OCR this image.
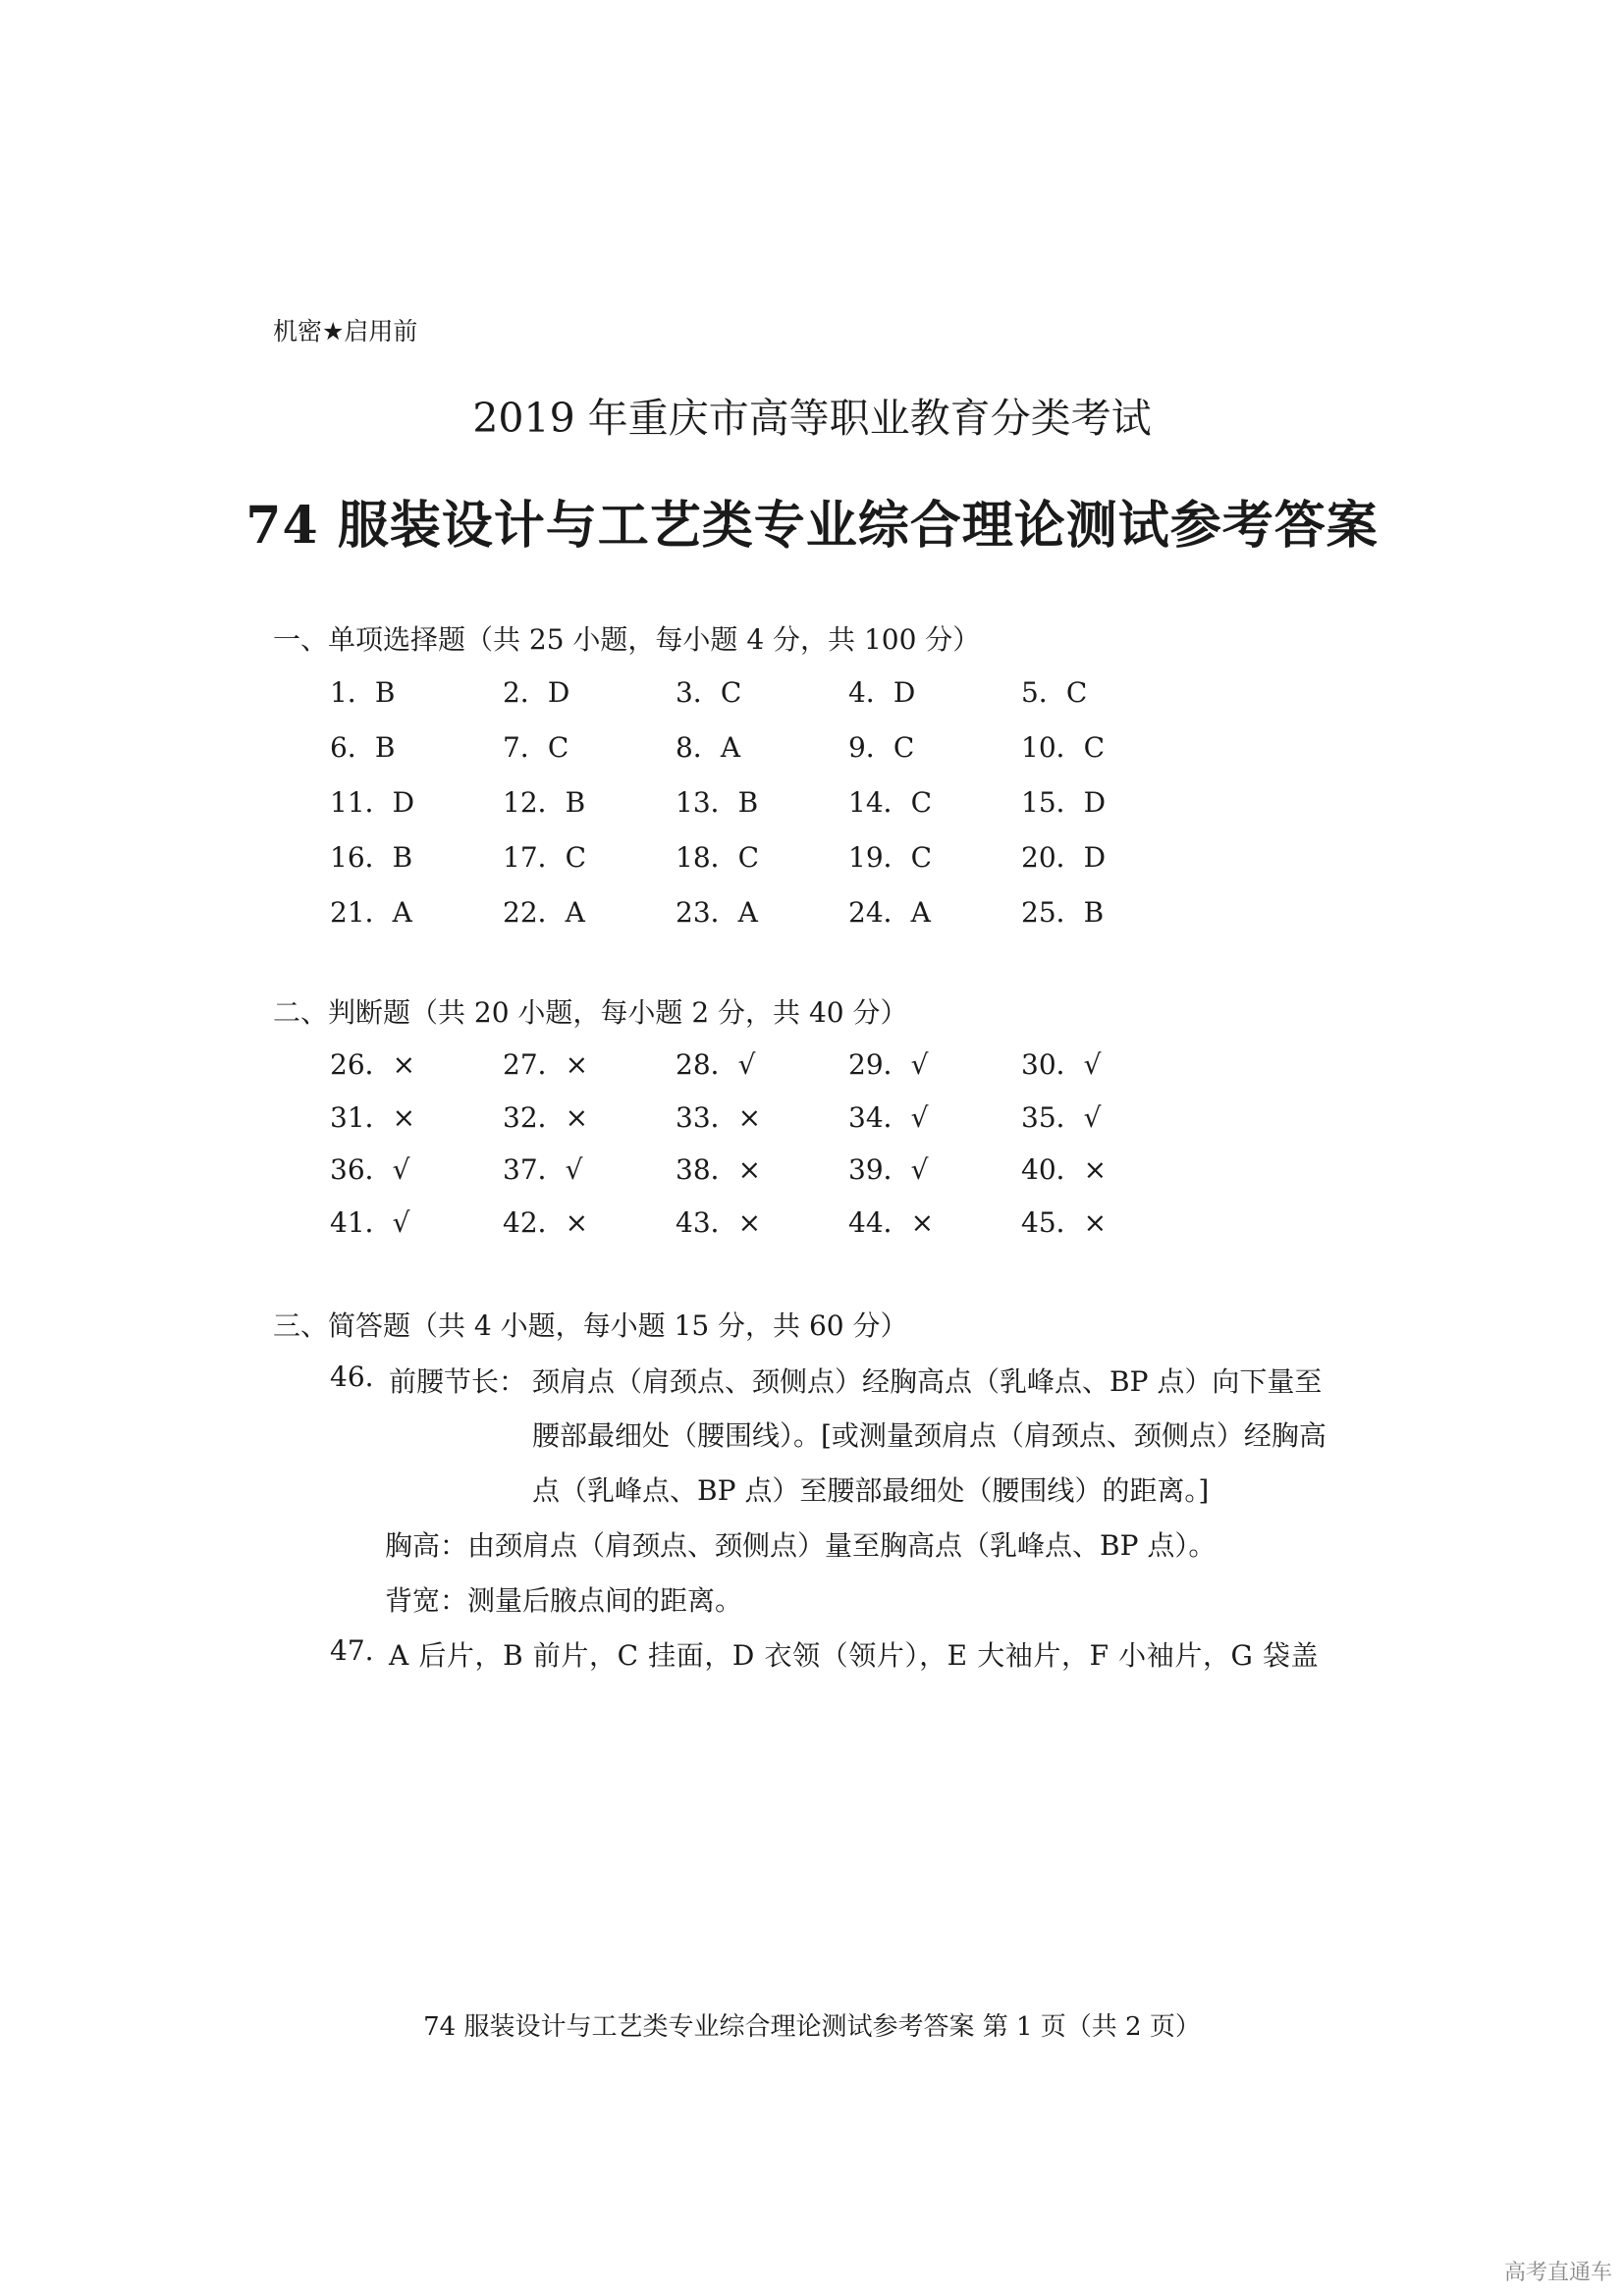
机密★启用前
2019 年重庆市高等职业教育分类考试
74 服装设计与工艺类专业综合理论测试参考答案
一、单项选择题（共 25 小题，每小题 4 分，共 100 分）
1．B	2．D	3．C	4．D	5．C
6．B	7．C	8．A	9．C	10．C
11．D	12．B	13．B	14．C	15．D
16．B	17．C	18．C	19．C	20．D
21．A	22．A	23．A	24．A	25．B
二、判断题（共 20 小题，每小题 2 分，共 40 分）
26．×	27．×	28．√	29．√	30．√
31．×	32．×	33．×	34．√	35．√
36．√	37．√	38．×	39．√	40．×
41．√	42．×	43．×	44．×	45．×
三、简答题（共 4 小题，每小题 15 分，共 60 分）
46. 前腰节长： 颈肩点（肩颈点、颈侧点）经胸高点（乳峰点、BP 点）向下量至
腰部最细处（腰围线）。[或测量颈肩点（肩颈点、颈侧点）经胸高
点（乳峰点、BP 点）至腰部最细处（腰围线）的距离。]
胸高：由颈肩点（肩颈点、颈侧点）量至胸高点（乳峰点、BP 点）。
背宽：测量后腋点间的距离。
47. A 后片，B 前片，C 挂面，D 衣领（领片），E 大袖片，F 小袖片，G 袋盖
74 服装设计与工艺类专业综合理论测试参考答案 第 1 页（共 2 页）
高考直通车
